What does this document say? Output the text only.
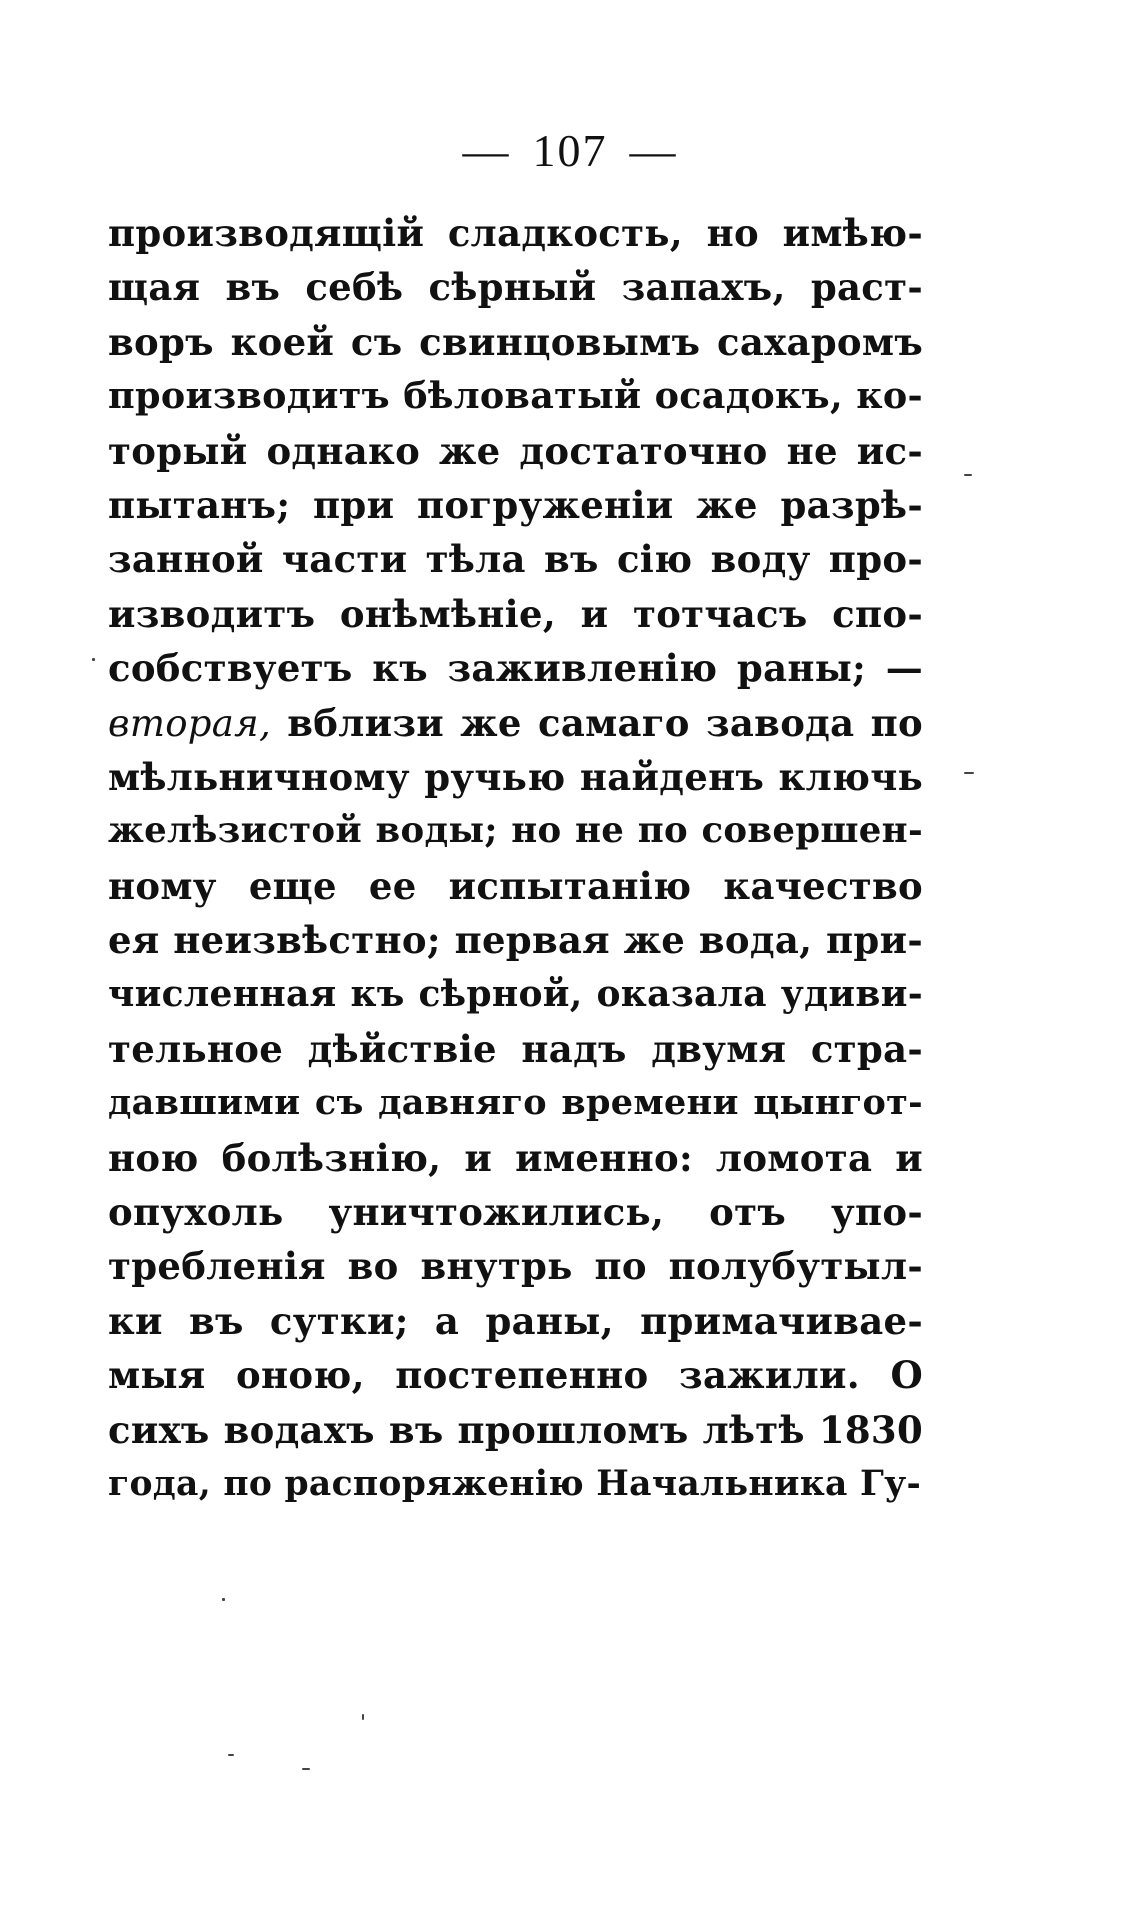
— 107 —
производящій сладкость, но имѣю-
щая въ себѣ сѣрный запахъ, раст-
воръ коей съ свинцовымъ сахаромъ
производитъ бѣловатый осадокъ, ко-
торый однако же достаточно не ис-
пытанъ; при погруженіи же разрѣ-
занной части тѣла въ сію воду про-
изводитъ онѣмѣніе, и тотчасъ спо-
собствуетъ къ заживленію раны; —
вторая, вблизи же самаго завода по
мѣльничному ручью найденъ ключь
желѣзистой воды; но не по совершен-
ному еще ее испытанію качество
ея неизвѣстно; первая же вода, при-
численная къ сѣрной, оказала удиви-
тельное дѣйствіе надъ двумя стра-
давшими съ давняго времени цынгот-
ною болѣзнію, и именно: ломота и
опухоль уничтожились, отъ упо-
требленія во внутрь по полубутыл-
ки въ сутки; а раны, примачивае-
мыя оною, постепенно зажили. О
сихъ водахъ въ прошломъ лѣтѣ 1830
года, по распоряженію Начальника Гу-
